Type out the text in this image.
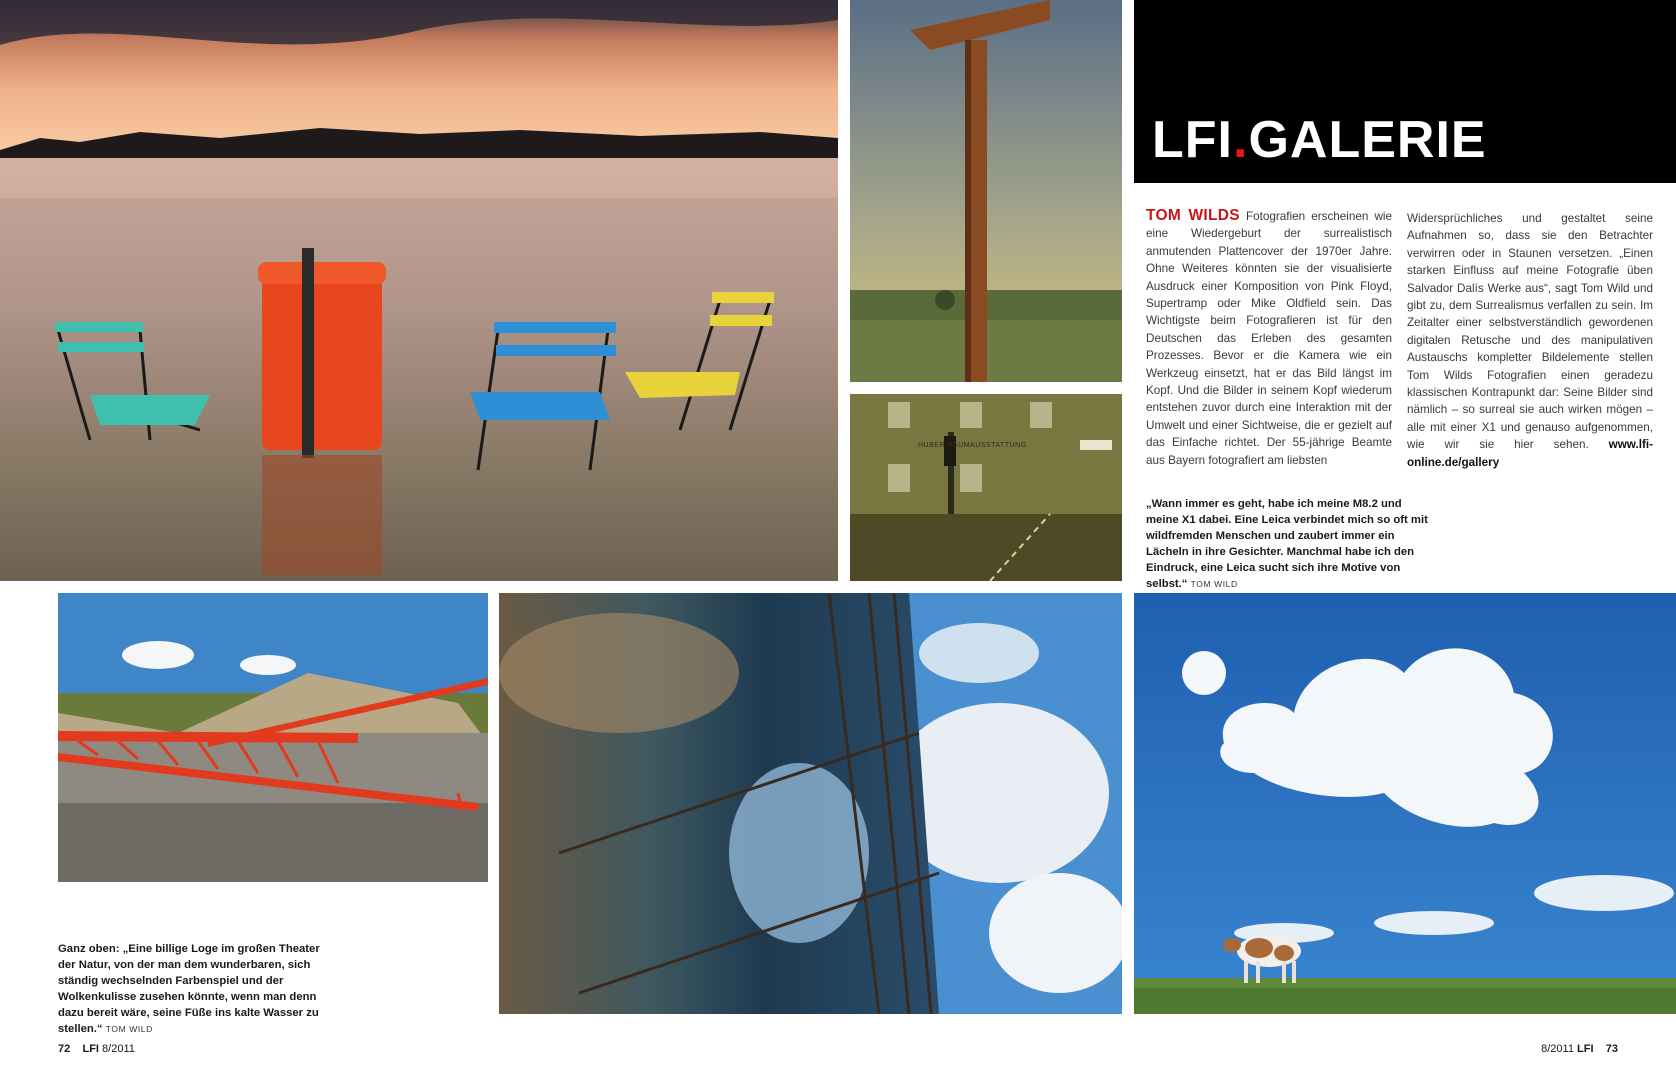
HUBER RAUMAUSSTATTUNG
LFI.GALERIE
TOM WILDS Fotografien erscheinen wie eine Wiedergeburt der surrealistisch anmutenden Plattencover der 1970er Jahre. Ohne Weiteres könnten sie der visualisierte Ausdruck einer Komposition von Pink Floyd, Supertramp oder Mike Oldfield sein. Das Wichtigste beim Fotografieren ist für den Deutschen das Erleben des gesamten Prozesses. Bevor er die Kamera wie ein Werkzeug einsetzt, hat er das Bild längst im Kopf. Und die Bilder in seinem Kopf wiederum entstehen zuvor durch eine Interaktion mit der Umwelt und einer Sichtweise, die er gezielt auf das Einfache richtet. Der 55-jährige Beamte aus Bayern fotografiert am liebsten
Widersprüchliches und gestaltet seine Aufnahmen so, dass sie den Betrachter verwirren oder in Staunen versetzen. „Einen starken Einfluss auf meine Fotografie üben Salvador Dalís Werke aus“, sagt Tom Wild und gibt zu, dem Surrealismus verfallen zu sein. Im Zeitalter einer selbstverständlich gewordenen digitalen Retusche und des manipulativen Austauschs kompletter Bildelemente stellen Tom Wilds Fotografien einen geradezu klassischen Kontrapunkt dar: Seine Bilder sind nämlich – so surreal sie auch wirken mögen – alle mit einer X1 und genauso aufgenommen, wie wir sie hier sehen. www.lfi-online.de/gallery
„Wann immer es geht, habe ich meine M8.2 und meine X1 dabei. Eine Leica verbindet mich so oft mit wildfremden Menschen und zaubert immer ein Lächeln in ihre Gesichter. Manchmal habe ich den Eindruck, eine Leica sucht sich ihre Motive von selbst.“ TOM WILD
Ganz oben: „Eine billige Loge im großen Theater der Natur, von der man dem wunderbaren, sich ständig wechselnden Farbenspiel und der Wolkenkulisse zusehen könnte, wenn man denn dazu bereit wäre, seine Füße ins kalte Wasser zu stellen.“ TOM WILD
72 LFI 8/2011	8/2011 LFI 73
